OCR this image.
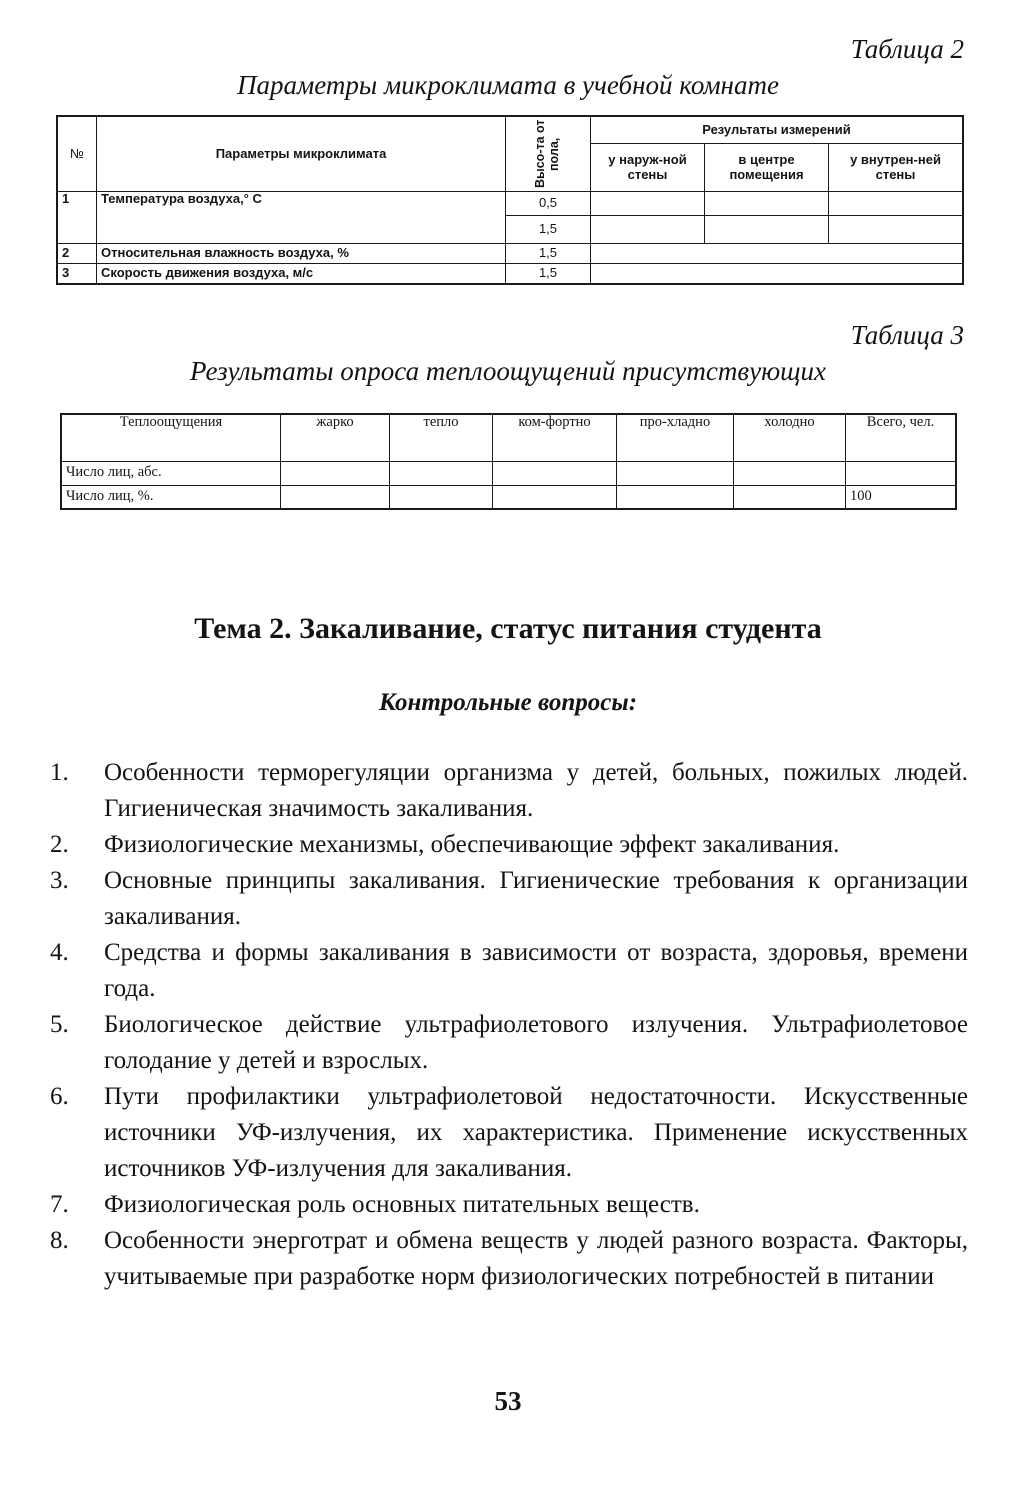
Таблица 2
Параметры микроклимата в учебной комнате
№	Параметры микроклимата	Высо-та от пола,	Результаты измерений		
			у наруж-ной стены	в центре помещения	у внутрен-ней стены
1	Температура воздуха,° С	0,5			
		1,5			
2	Относительная влажность воздуха, %	1,5			
3	Скорость движения воздуха, м/с	1,5			
Таблица 3
Результаты опроса теплоощущений присутствующих
Теплоощущения	жарко	тепло	ком-фортно	про-хладно	холодно	Всего, чел.
Число лиц, абс.						
Число лиц, %.						100
Тема 2. Закаливание, статус питания студента
Контрольные вопросы:
1.	Особенности терморегуляции организма у детей, больных, пожилых людей. Гигиеническая значимость закаливания.
2.	Физиологические механизмы, обеспечивающие эффект закаливания.
3.	Основные принципы закаливания. Гигиенические требования к организации закаливания.
4.	Средства и формы закаливания в зависимости от возраста, здоровья, времени года.
5.	Биологическое действие ультрафиолетового излучения. Ультрафиолетовое голодание у детей и взрослых.
6.	Пути профилактики ультрафиолетовой недостаточности. Искусственные источники УФ-излучения, их характеристика. Применение искусственных источников УФ-излучения для закаливания.
7.	Физиологическая роль основных питательных веществ.
8.	Особенности энерготрат и обмена веществ у людей разного возраста. Факторы, учитываемые при разработке норм физиологических потребностей в питании
53
